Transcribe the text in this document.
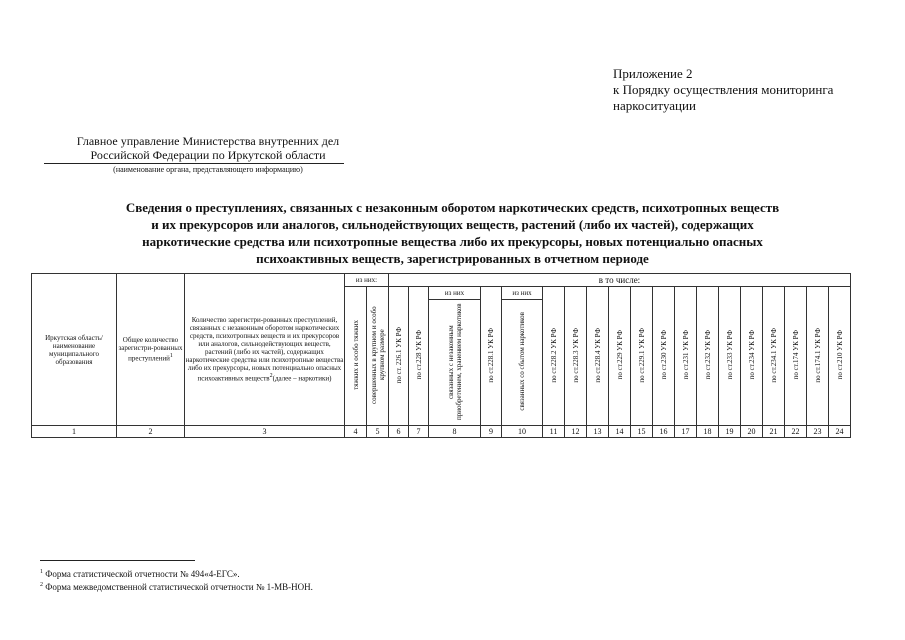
Приложение 2
к Порядку осуществления мониторинга
наркоситуации
Главное управление Министерства внутренних дел
Российской Федерации по Иркутской области
(наименование органа, представляющего информацию)
Сведения о преступлениях, связанных с незаконным оборотом наркотических средств, психотропных веществ
и их прекурсоров или аналогов, сильнодействующих веществ, растений (либо их частей), содержащих
наркотические средства или психотропные вещества либо их прекурсоры, новых потенциально опасных
психоактивных веществ, зарегистрированных в отчетном периоде
Иркутская область/ наименование муниципального образования	Общее количество зарегистри-рованных преступлений$^1$	Количество зарегистри-рованных преступлений, связанных с незаконным оборотом наркотических средств, психотропных веществ и их прекурсоров или аналогов, сильнодействующих веществ, растений (либо их частей), содержащих наркотические средства или психотропные вещества либо их прекурсоры, новых потенциально опасных психоактивных веществ$^2$(далее – наркотики)	из них:		в то числе:																		
			тяжких и особо тяжких	совершенных в крупном и особо крупном размере	по ст. 226.1 УК РФ	по ст.228 УК РФ	из них	по ст.228.1 УК РФ	из них	по ст.228.2 УК РФ	по ст.228.3 УК РФ	по ст.228.4 УК РФ	по ст.229 УК РФ	по ст.229.1 УК РФ	по ст.230 УК РФ	по ст.231 УК РФ	по ст.232 УК РФ	по ст.233 УК РФ	по ст.234 УК РФ	по ст.234.1 УК РФ	по ст.174 УК РФ	по ст.174.1 УК РФ	по ст.210 УК РФ
							связанных с незаконным приобретением, хранением наркотиков		связанных со сбытом наркотиков														
1	2	3	4	5	6	7	8	9	10	11	12	13	14	15	16	17	18	19	20	21	22	23	24
$^1$ Форма статистической отчетности № 494«4-ЕГС».
$^2$ Форма межведомственной статистической отчетности № 1-МВ-НОН.
